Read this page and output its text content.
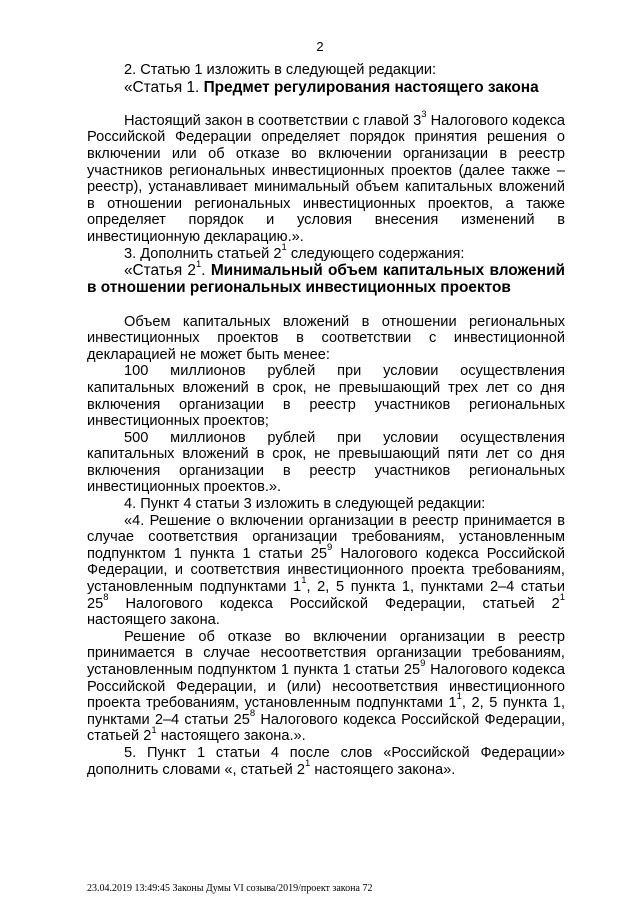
2

2. Статью 1 изложить в следующей редакции:

«Статья 1. Предмет регулирования настоящего закона

Настоящий закон в соответствии с главой $3^3$ Налогового кодекса Российской Федерации определяет порядок принятия решения о включении или об отказе во включении организации в реестр участников региональных инвестиционных проектов (далее также – реестр), устанавливает минимальный объем капитальных вложений в отношении региональных инвестиционных проектов, а также определяет порядок и условия внесения изменений в инвестиционную декларацию.».

3. Дополнить статьей $2^1$ следующего содержания:

«Статья $2^1$. Минимальный объем капитальных вложений в отношении региональных инвестиционных проектов

Объем капитальных вложений в отношении региональных инвестиционных проектов в соответствии с инвестиционной декларацией не может быть менее:

100 миллионов рублей при условии осуществления капитальных вложений в срок, не превышающий трех лет со дня включения организации в реестр участников региональных инвестиционных проектов;

500 миллионов рублей при условии осуществления капитальных вложений в срок, не превышающий пяти лет со дня включения организации в реестр участников региональных инвестиционных проектов.».

4. Пункт 4 статьи 3 изложить в следующей редакции:

«4. Решение о включении организации в реестр принимается в случае соответствия организации требованиям, установленным подпунктом 1 пункта 1 статьи $25^9$ Налогового кодекса Российской Федерации, и соответствия инвестиционного проекта требованиям, установленным подпунктами $1^1$, 2, 5 пункта 1, пунктами 2–4 статьи $25^8$ Налогового кодекса Российской Федерации, статьей $2^1$ настоящего закона.

Решение об отказе во включении организации в реестр принимается в случае несоответствия организации требованиям, установленным подпунктом 1 пункта 1 статьи $25^9$ Налогового кодекса Российской Федерации, и (или) несоответствия инвестиционного проекта требованиям, установленным подпунктами $1^1$, 2, 5 пункта 1, пунктами 2–4 статьи $25^8$ Налогового кодекса Российской Федерации, статьей $2^1$ настоящего закона.».

5. Пункт 1 статьи 4 после слов «Российской Федерации» дополнить словами «, статьей $2^1$ настоящего закона».

23.04.2019 13:49:45 Законы Думы VI созыва/2019/проект закона 72
